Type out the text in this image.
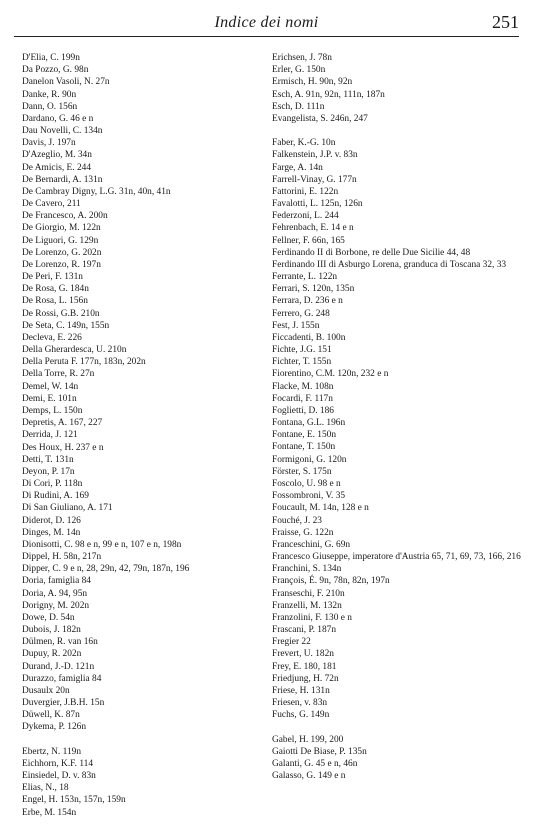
Indice dei nomi	251
D'Elia, C. 199n
Da Pozzo, G. 98n
Danelon Vasoli, N. 27n
Danke, R. 90n
Dann, O. 156n
Dardano, G. 46 e n
Dau Novelli, C. 134n
Davis, J. 197n
D'Azeglio, M. 34n
De Amicis, E. 244
De Bernardi, A. 131n
De Cambray Digny, L.G. 31n, 40n, 41n
De Cavero, 211
De Francesco, A. 200n
De Giorgio, M. 122n
De Liguori, G. 129n
De Lorenzo, G. 202n
De Lorenzo, R. 197n
De Peri, F. 131n
De Rosa, G. 184n
De Rosa, L. 156n
De Rossi, G.B. 210n
De Seta, C. 149n, 155n
Decleva, E. 226
Della Gherardesca, U. 210n
Della Peruta F. 177n, 183n, 202n
Della Torre, R. 27n
Demel, W. 14n
Demi, E. 101n
Demps, L. 150n
Depretis, A. 167, 227
Derrida, J. 121
Des Houx, H. 237 e n
Detti, T. 131n
Deyon, P. 17n
Di Cori, P. 118n
Di Rudinì, A. 169
Di San Giuliano, A. 171
Diderot, D. 126
Dinges, M. 14n
Dionisotti, C. 98 e n, 99 e n, 107 e n, 198n
Dippel, H. 58n, 217n
Dipper, C. 9 e n, 28, 29n, 42, 79n, 187n, 196
Doria, famiglia 84
Doria, A. 94, 95n
Dorigny, M. 202n
Dowe, D. 54n
Dubois, J. 182n
Dülmen, R. van 16n
Dupuy, R. 202n
Durand, J.-D. 121n
Durazzo, famiglia 84
Dusaulx 20n
Duvergier, J.B.H. 15n
Düwell, K. 87n
Dykema, P. 126n
Ebertz, N. 119n
Eichhorn, K.F. 114
Einsiedel, D. v. 83n
Elias, N., 18
Engel, H. 153n, 157n, 159n
Erbe, M. 154n
Erichsen, J. 78n
Erler, G. 150n
Ermisch, H. 90n, 92n
Esch, A. 91n, 92n, 111n, 187n
Esch, D. 111n
Evangelista, S. 246n, 247
Faber, K.-G. 10n
Falkenstein, J.P. v. 83n
Farge, A. 14n
Farrell-Vinay, G. 177n
Fattorini, E. 122n
Favalotti, L. 125n, 126n
Federzoni, L. 244
Fehrenbach, E. 14 e n
Fellner, F. 66n, 165
Ferdinando II di Borbone, re delle Due Sicilie 44, 48
Ferdinando III di Asburgo Lorena, granduca di Toscana 32, 33
Ferrante, L. 122n
Ferrari, S. 120n, 135n
Ferrara, D. 236 e n
Ferrero, G. 248
Fest, J. 155n
Ficcadenti, B. 100n
Fichte, J.G. 151
Fichter, T. 155n
Fiorentino, C.M. 120n, 232 e n
Flacke, M. 108n
Focardi, F. 117n
Foglietti, D. 186
Fontana, G.L. 196n
Fontane, E. 150n
Fontane, T. 150n
Formigoni, G. 120n
Förster, S. 175n
Foscolo, U. 98 e n
Fossombroni, V. 35
Foucault, M. 14n, 128 e n
Fouché, J. 23
Fraisse, G. 122n
Franceschini, G. 69n
Francesco Giuseppe, imperatore d'Austria 65, 71, 69, 73, 166, 216
Franchini, S. 134n
François, É. 9n, 78n, 82n, 197n
Franseschi, F. 210n
Franzelli, M. 132n
Franzolini, F. 130 e n
Frascani, P. 187n
Fregier 22
Frevert, U. 182n
Frey, E. 180, 181
Friedjung, H. 72n
Friese, H. 131n
Friesen, v. 83n
Fuchs, G. 149n
Gabel, H. 199, 200
Gaiotti De Biase, P. 135n
Galanti, G. 45 e n, 46n
Galasso, G. 149 e n
